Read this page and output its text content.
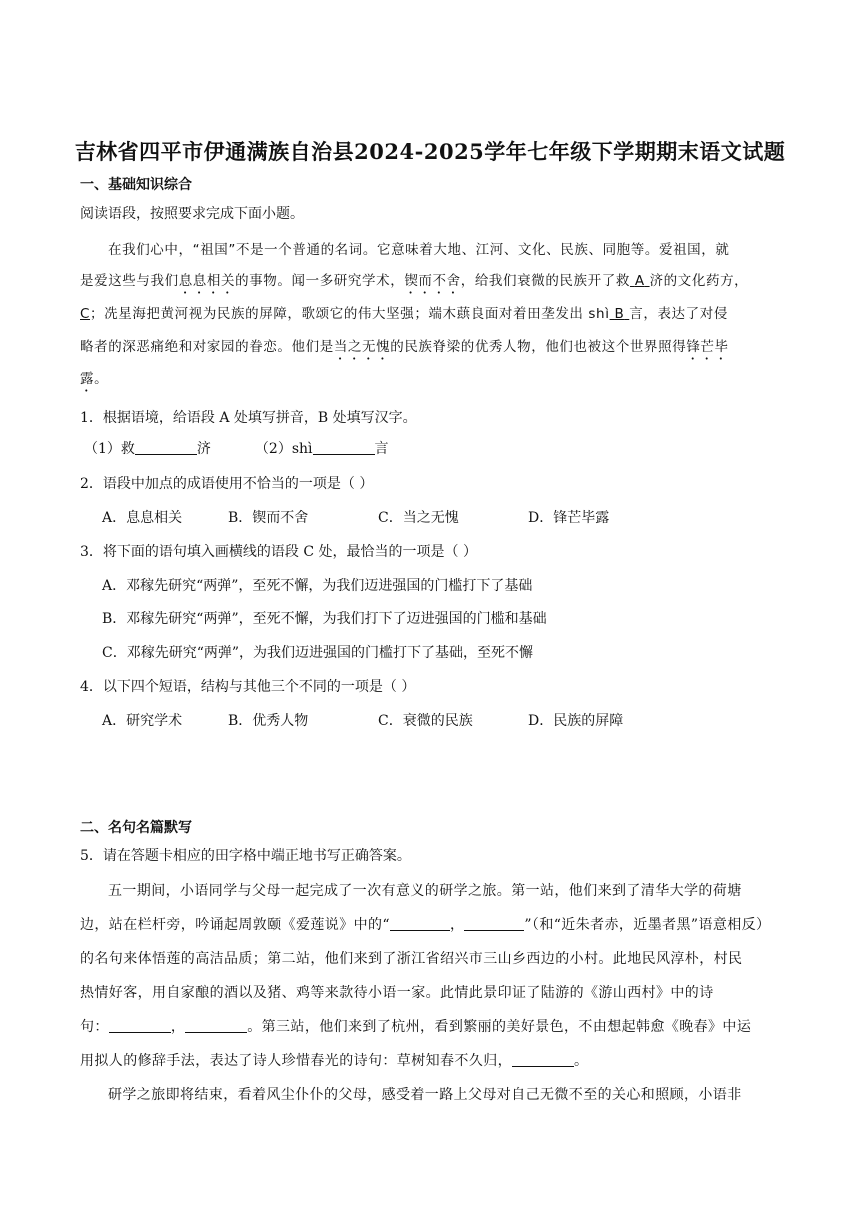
吉林省四平市伊通满族自治县2024-2025学年七年级下学期期末语文试题
一、基础知识综合
阅读语段，按照要求完成下面小题。
在我们心中，“祖国”不是一个普通的名词。它意味着大地、江河、文化、民族、同胞等。爱祖国，就
是爱这些与我们息息相关的事物。闻一多研究学术，锲而不舍，给我们衰微的民族开了救 A 济的文化药方，
C；冼星海把黄河视为民族的屏障，歌颂它的伟大坚强；端木蕻良面对着田垄发出 shì B 言，表达了对侵
略者的深恶痛绝和对家园的眷恋。他们是当之无愧的民族脊梁的优秀人物，他们也被这个世界照得锋芒毕
露。
1．根据语境，给语段 A 处填写拼音，B 处填写汉字。
（1）救	济	（2）shì	言
2．语段中加点的成语使用不恰当的一项是（ ）
A．息息相关	B．锲而不舍	C．当之无愧	D．锋芒毕露
3．将下面的语句填入画横线的语段 C 处，最恰当的一项是（ ）
A．邓稼先研究“两弹”，至死不懈，为我们迈进强国的门槛打下了基础
B．邓稼先研究“两弹”，至死不懈，为我们打下了迈进强国的门槛和基础
C．邓稼先研究“两弹”，为我们迈进强国的门槛打下了基础，至死不懈
4．以下四个短语，结构与其他三个不同的一项是（ ）
A．研究学术	B．优秀人物	C．衰微的民族	D．民族的屏障
二、名句名篇默写
5．请在答题卡相应的田字格中端正地书写正确答案。
五一期间，小语同学与父母一起完成了一次有意义的研学之旅。第一站，他们来到了清华大学的荷塘
边，站在栏杆旁，吟诵起周敦颐《爱莲说》中的“	，	”（和“近朱者赤，近墨者黑”语意相反）
的名句来体悟莲的高洁品质；第二站，他们来到了浙江省绍兴市三山乡西边的小村。此地民风淳朴，村民
热情好客，用自家酿的酒以及猪、鸡等来款待小语一家。此情此景印证了陆游的《游山西村》中的诗
句：	，	。第三站，他们来到了杭州，看到繁丽的美好景色，不由想起韩愈《晚春》中运
用拟人的修辞手法，表达了诗人珍惜春光的诗句：草树知春不久归，	。
研学之旅即将结束，看着风尘仆仆的父母，感受着一路上父母对自己无微不至的关心和照顾，小语非
